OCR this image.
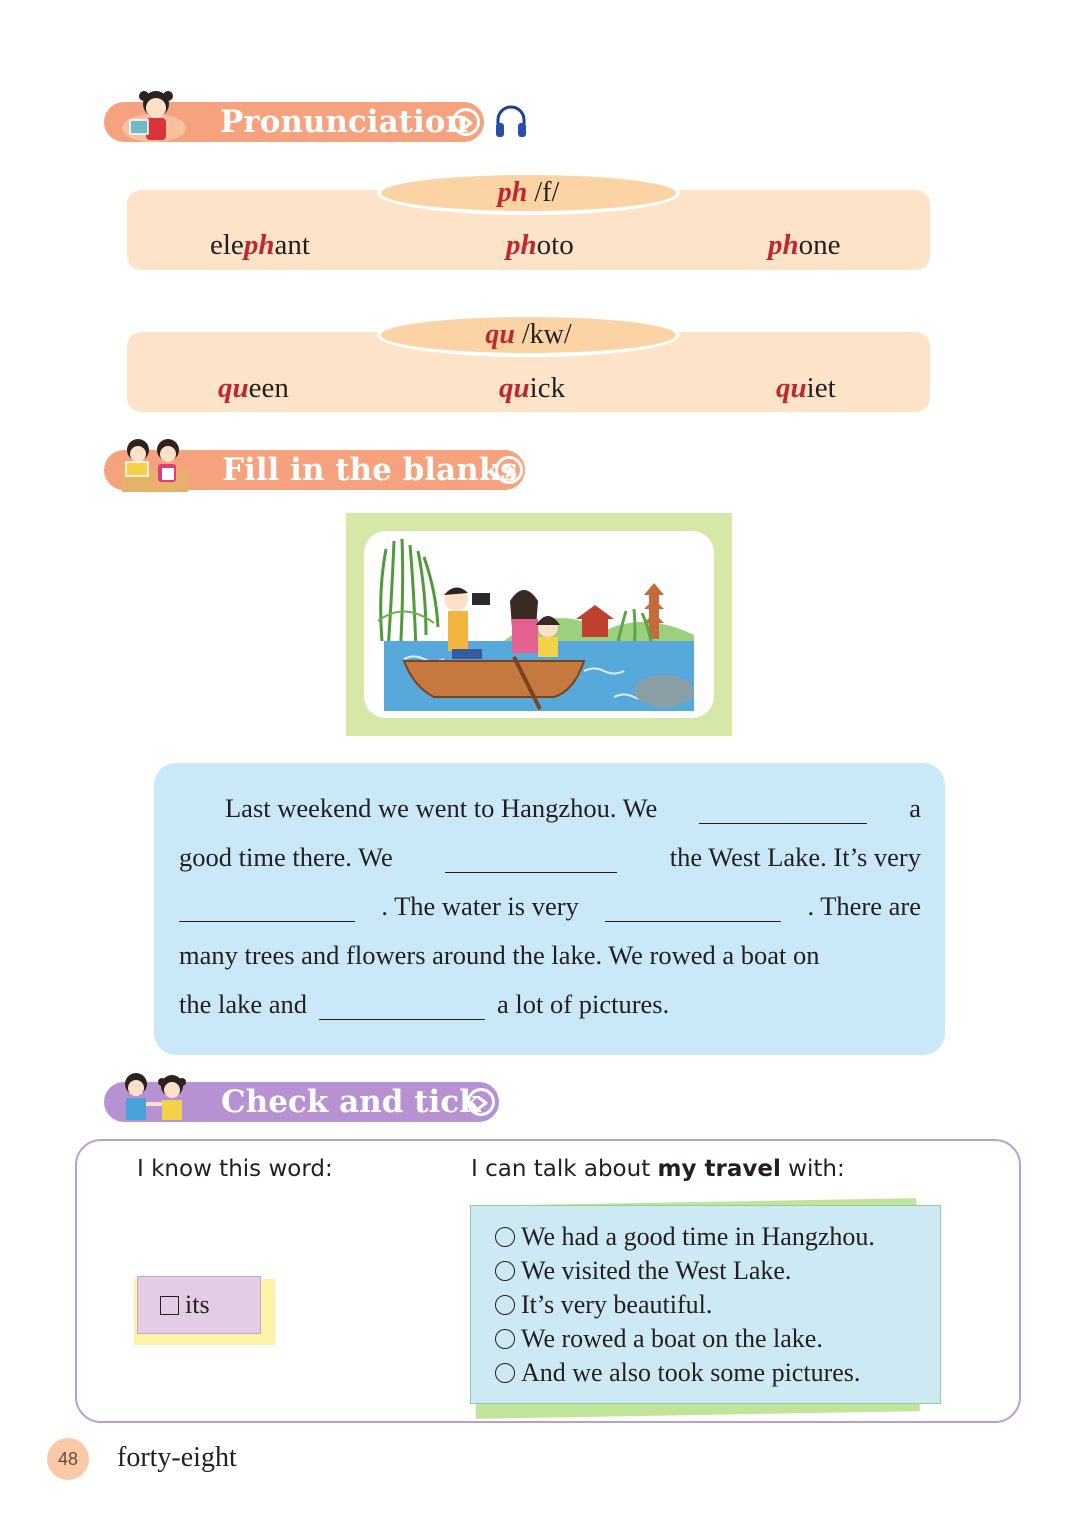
Pronunciation
ph /f/
elephant	photo	phone
qu /kw/
queen	quick	quiet
Fill in the blanks
Last weekend we went to Hangzhou. We	a
good time there. We	the West Lake. It’s very
. The water is very	. There are
many trees and flowers around the lake. We rowed a boat on
the lake and	a lot of pictures.
Check and tick
I know this word:	I can talk about my travel with:
its
We had a good time in Hangzhou.
We visited the West Lake.
It’s very beautiful.
We rowed a boat on the lake.
And we also took some pictures.
48	forty-eight
